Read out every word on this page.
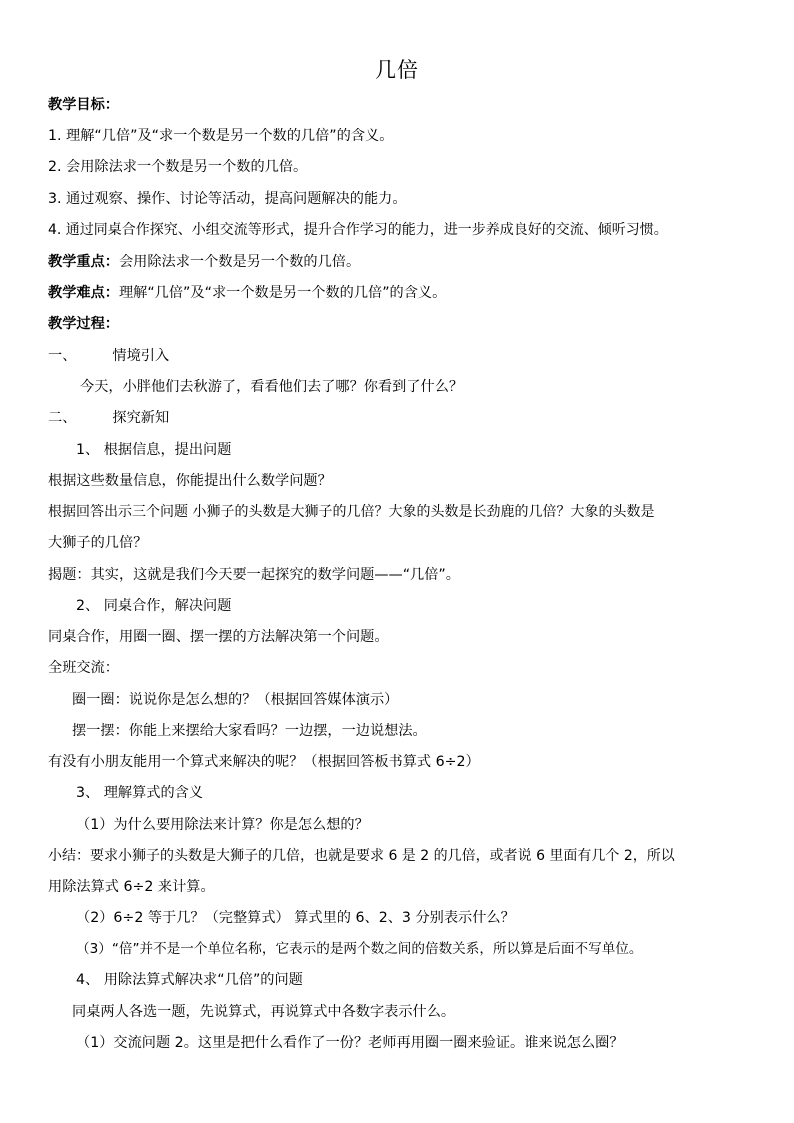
几倍
教学目标：
1. 理解“几倍”及“求一个数是另一个数的几倍”的含义。
2. 会用除法求一个数是另一个数的几倍。
3. 通过观察、操作、讨论等活动，提高问题解决的能力。
4. 通过同桌合作探究、小组交流等形式，提升合作学习的能力，进一步养成良好的交流、倾听习惯。
教学重点：会用除法求一个数是另一个数的几倍。
教学难点：理解“几倍”及“求一个数是另一个数的几倍”的含义。
教学过程：
一、	情境引入
今天，小胖他们去秋游了，看看他们去了哪？你看到了什么？
二、	探究新知
1、 根据信息，提出问题
根据这些数量信息，你能提出什么数学问题？
根据回答出示三个问题 小狮子的头数是大狮子的几倍？大象的头数是长劲鹿的几倍？大象的头数是
大狮子的几倍？
揭题：其实，这就是我们今天要一起探究的数学问题——“几倍”。
2、 同桌合作，解决问题
同桌合作，用圈一圈、摆一摆的方法解决第一个问题。
全班交流：
圈一圈：说说你是怎么想的？（根据回答媒体演示）
摆一摆：你能上来摆给大家看吗？一边摆，一边说想法。
有没有小朋友能用一个算式来解决的呢？（根据回答板书算式 6÷2）
3、 理解算式的含义
（1）为什么要用除法来计算？你是怎么想的？
小结：要求小狮子的头数是大狮子的几倍，也就是要求 6 是 2 的几倍，或者说 6 里面有几个 2，所以
用除法算式 6÷2 来计算。
（2）6÷2 等于几？（完整算式） 算式里的 6、2、3 分别表示什么？
（3）“倍”并不是一个单位名称，它表示的是两个数之间的倍数关系，所以算是后面不写单位。
4、 用除法算式解决求“几倍”的问题
同桌两人各选一题，先说算式，再说算式中各数字表示什么。
（1）交流问题 2。这里是把什么看作了一份？老师再用圈一圈来验证。谁来说怎么圈？
